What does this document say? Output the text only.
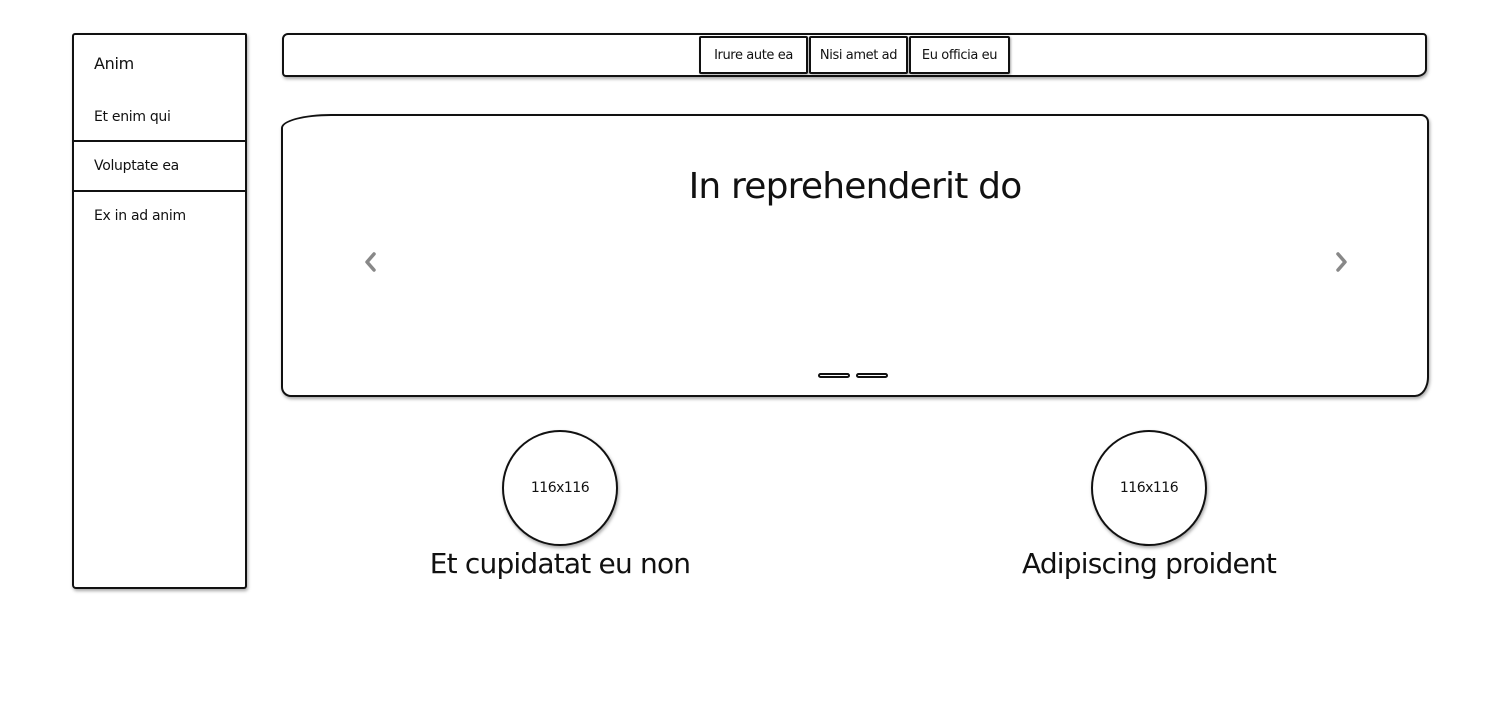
Anim
Et enim qui
Voluptate ea
Ex in ad anim
Irure aute ea	Nisi amet ad	Eu officia eu
In reprehenderit do
116x116
Et cupidatat eu non
116x116
Adipiscing proident
